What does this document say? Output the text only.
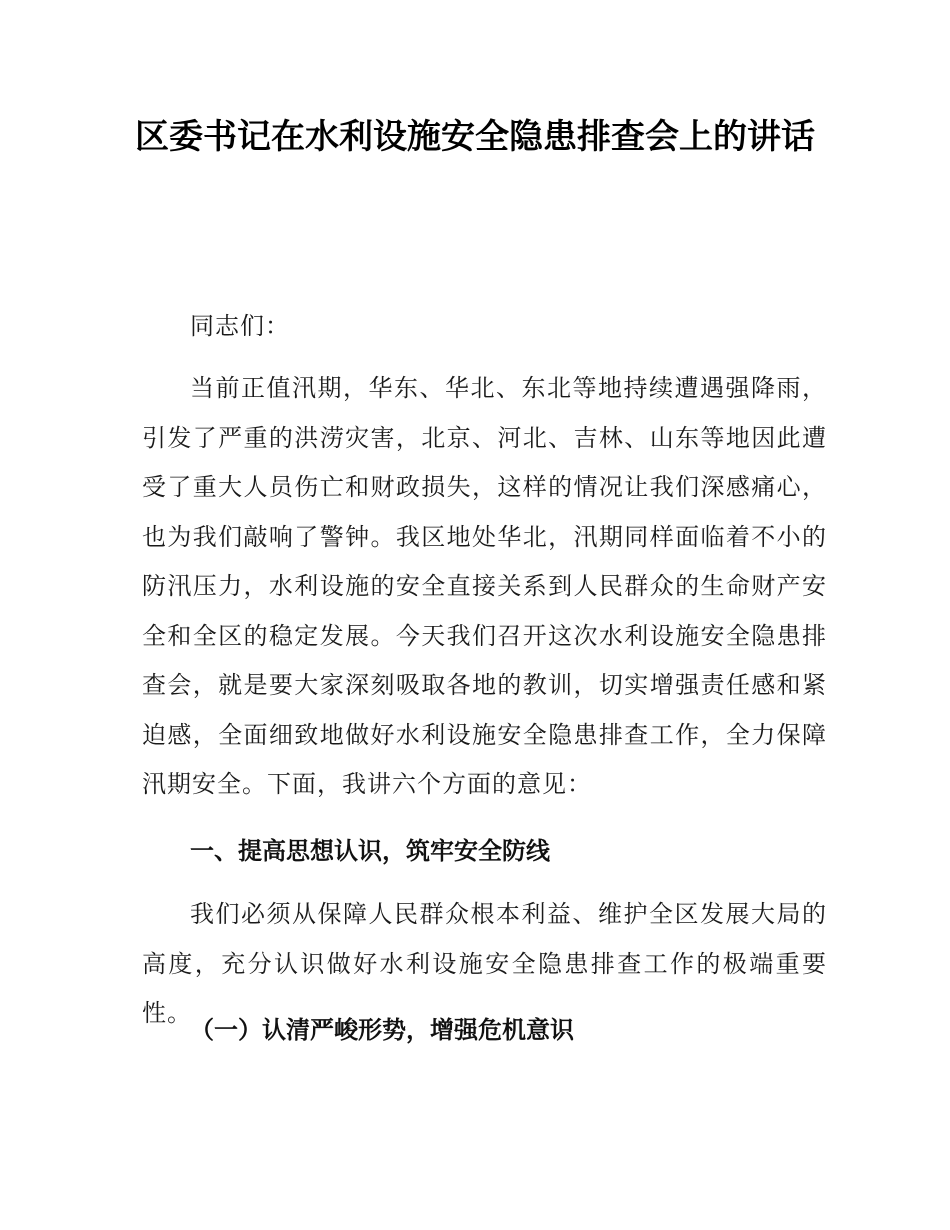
区委书记在水利设施安全隐患排查会上的讲话

同志们：

当前正值汛期，华东、华北、东北等地持续遭遇强降雨，引发了严重的洪涝灾害，北京、河北、吉林、山东等地因此遭受了重大人员伤亡和财政损失，这样的情况让我们深感痛心，也为我们敲响了警钟。我区地处华北，汛期同样面临着不小的防汛压力，水利设施的安全直接关系到人民群众的生命财产安全和全区的稳定发展。今天我们召开这次水利设施安全隐患排查会，就是要大家深刻吸取各地的教训，切实增强责任感和紧迫感，全面细致地做好水利设施安全隐患排查工作，全力保障汛期安全。下面，我讲六个方面的意见：

一、提高思想认识，筑牢安全防线

我们必须从保障人民群众根本利益、维护全区发展大局的高度，充分认识做好水利设施安全隐患排查工作的极端重要性。

（一）认清严峻形势，增强危机意识
